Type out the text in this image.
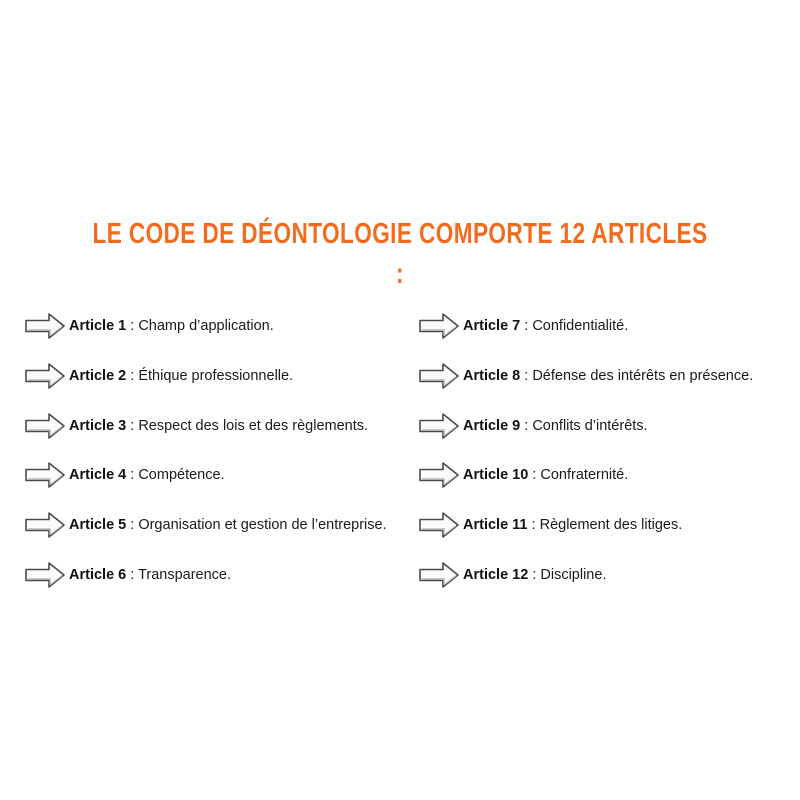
LE CODE DE DÉONTOLOGIE COMPORTE 12 ARTICLES :
Article 1 : Champ d’application.
Article 2 : Éthique professionnelle.
Article 3 : Respect des lois et des règlements.
Article 4 : Compétence.
Article 5 : Organisation et gestion de l’entreprise.
Article 6 : Transparence.
Article 7 : Confidentialité.
Article 8 : Défense des intérêts en présence.
Article 9 : Conflits d’intérêts.
Article 10 : Confraternité.
Article 11 : Règlement des litiges.
Article 12 : Discipline.
